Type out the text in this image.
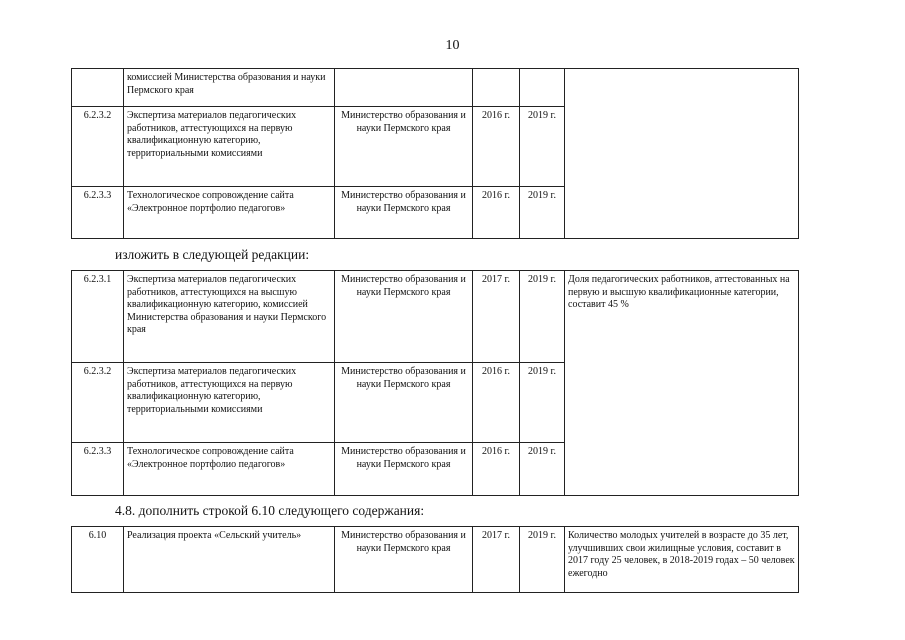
10
	комиссией Министерства образования и науки Пермского края				
6.2.3.2	Экспертиза материалов педагогических работников, аттестующихся на первую квалификационную категорию, территориальными комиссиями	Министерство образования и науки Пермского края	2016 г.	2019 г.	
6.2.3.3	Технологическое сопровождение сайта «Электронное портфолио педагогов»	Министерство образования и науки Пермского края	2016 г.	2019 г.	
изложить в следующей редакции:
6.2.3.1	Экспертиза материалов педагогических работников, аттестующихся на высшую квалификационную категорию, комиссией Министерства образования и науки Пермского края	Министерство образования и науки Пермского края	2017 г.	2019 г.	Доля педагогических работников, аттестованных на первую и высшую квалификационные категории, составит 45 %
6.2.3.2	Экспертиза материалов педагогических работников, аттестующихся на первую квалификационную категорию, территориальными комиссиями	Министерство образования и науки Пермского края	2016 г.	2019 г.	
6.2.3.3	Технологическое сопровождение сайта «Электронное портфолио педагогов»	Министерство образования и науки Пермского края	2016 г.	2019 г.	
4.8. дополнить строкой 6.10 следующего содержания:
6.10	Реализация проекта «Сельский учитель»	Министерство образования и науки Пермского края	2017 г.	2019 г.	Количество молодых учителей в возрасте до 35 лет, улучшивших свои жилищные условия, составит в 2017 году 25 человек, в 2018-2019 годах – 50 человек ежегодно
